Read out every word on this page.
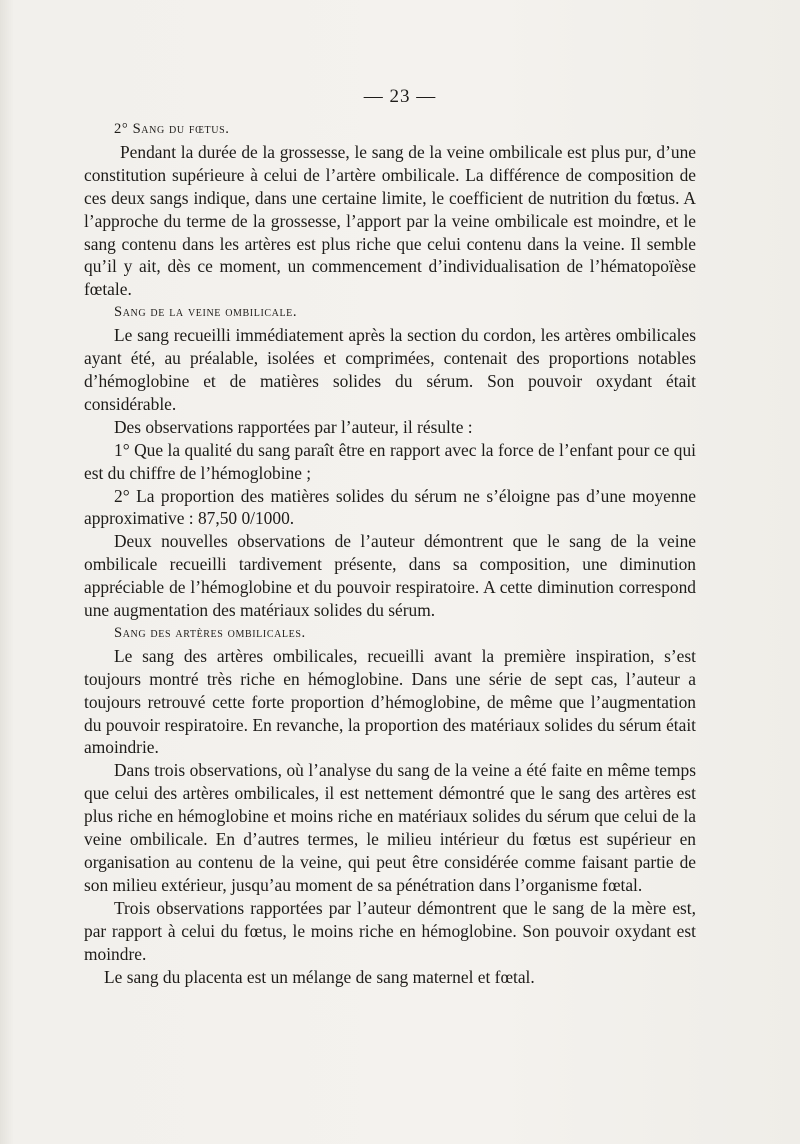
— 23 —

2° Sang du fœtus.

Pendant la durée de la grossesse, le sang de la veine ombilicale est plus pur, d’une constitution supérieure à celui de l’artère ombilicale. La différence de composition de ces deux sangs indique, dans une certaine limite, le coefficient de nutrition du fœtus. A l’approche du terme de la grossesse, l’apport par la veine ombilicale est moindre, et le sang contenu dans les artères est plus riche que celui contenu dans la veine. Il semble qu’il y ait, dès ce moment, un commencement d’individualisation de l’hématopoïèse fœtale.

Sang de la veine ombilicale.

Le sang recueilli immédiatement après la section du cordon, les artères ombilicales ayant été, au préalable, isolées et comprimées, contenait des proportions notables d’hémoglobine et de matières solides du sérum. Son pouvoir oxydant était considérable.

Des observations rapportées par l’auteur, il résulte :

1° Que la qualité du sang paraît être en rapport avec la force de l’enfant pour ce qui est du chiffre de l’hémoglobine ;

2° La proportion des matières solides du sérum ne s’éloigne pas d’une moyenne approximative : 87,50 0/1000.

Deux nouvelles observations de l’auteur démontrent que le sang de la veine ombilicale recueilli tardivement présente, dans sa composition, une diminution appréciable de l’hémoglobine et du pouvoir respiratoire. A cette diminution correspond une augmentation des matériaux solides du sérum.

Sang des artères ombilicales.

Le sang des artères ombilicales, recueilli avant la première inspiration, s’est toujours montré très riche en hémoglobine. Dans une série de sept cas, l’auteur a toujours retrouvé cette forte proportion d’hémoglobine, de même que l’augmentation du pouvoir respiratoire. En revanche, la proportion des matériaux solides du sérum était amoindrie.

Dans trois observations, où l’analyse du sang de la veine a été faite en même temps que celui des artères ombilicales, il est nettement démontré que le sang des artères est plus riche en hémoglobine et moins riche en matériaux solides du sérum que celui de la veine ombilicale. En d’autres termes, le milieu intérieur du fœtus est supérieur en organisation au contenu de la veine, qui peut être considérée comme faisant partie de son milieu extérieur, jusqu’au moment de sa pénétration dans l’organisme fœtal.

Trois observations rapportées par l’auteur démontrent que le sang de la mère est, par rapport à celui du fœtus, le moins riche en hémoglobine. Son pouvoir oxydant est moindre.

Le sang du placenta est un mélange de sang maternel et fœtal.
